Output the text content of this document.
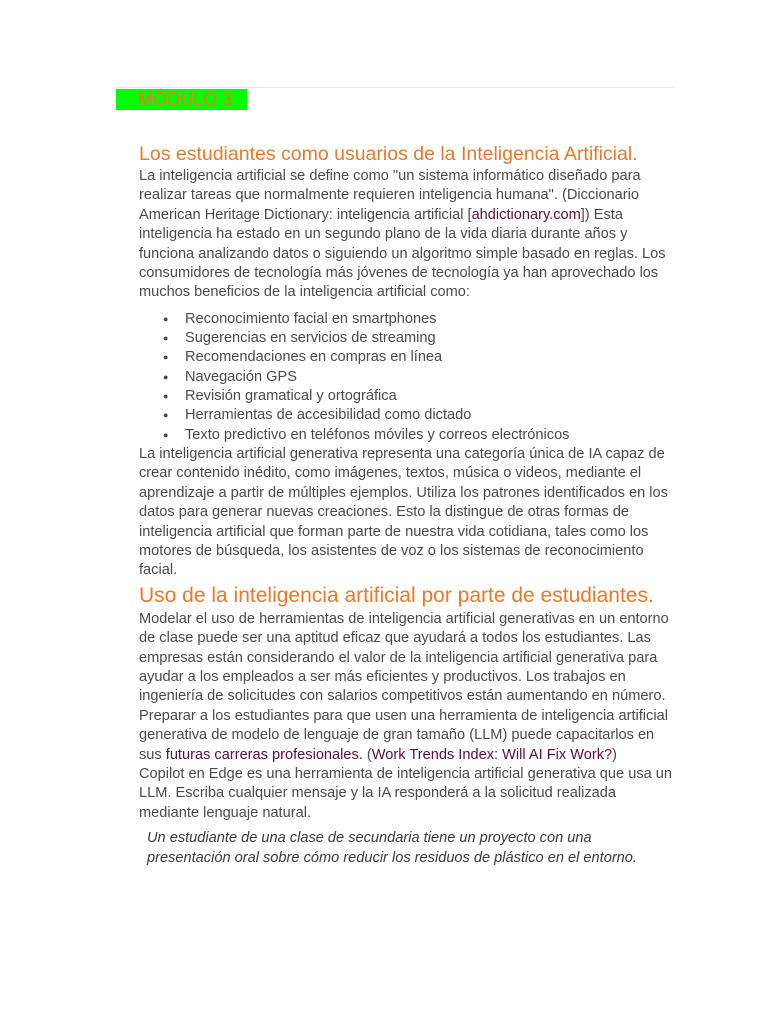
MÓDULO 3
Los estudiantes como usuarios de la Inteligencia Artificial.

La inteligencia artificial se define como "un sistema informático diseñado para realizar tareas que normalmente requieren inteligencia humana". (Diccionario American Heritage Dictionary: inteligencia artificial [ahdictionary.com]) Esta inteligencia ha estado en un segundo plano de la vida diaria durante años y funciona analizando datos o siguiendo un algoritmo simple basado en reglas. Los consumidores de tecnología más jóvenes de tecnología ya han aprovechado los muchos beneficios de la inteligencia artificial como:

● Reconocimiento facial en smartphones
● Sugerencias en servicios de streaming
● Recomendaciones en compras en línea
● Navegación GPS
● Revisión gramatical y ortográfica
● Herramientas de accesibilidad como dictado
● Texto predictivo en teléfonos móviles y correos electrónicos

La inteligencia artificial generativa representa una categoría única de IA capaz de crear contenido inédito, como imágenes, textos, música o videos, mediante el aprendizaje a partir de múltiples ejemplos. Utiliza los patrones identificados en los datos para generar nuevas creaciones. Esto la distingue de otras formas de inteligencia artificial que forman parte de nuestra vida cotidiana, tales como los motores de búsqueda, los asistentes de voz o los sistemas de reconocimiento facial.

Uso de la inteligencia artificial por parte de estudiantes.

Modelar el uso de herramientas de inteligencia artificial generativas en un entorno de clase puede ser una aptitud eficaz que ayudará a todos los estudiantes. Las empresas están considerando el valor de la inteligencia artificial generativa para ayudar a los empleados a ser más eficientes y productivos. Los trabajos en ingeniería de solicitudes con salarios competitivos están aumentando en número. Preparar a los estudiantes para que usen una herramienta de inteligencia artificial generativa de modelo de lenguaje de gran tamaño (LLM) puede capacitarlos en sus futuras carreras profesionales. (Work Trends Index: Will AI Fix Work?)

Copilot en Edge es una herramienta de inteligencia artificial generativa que usa un LLM. Escriba cualquier mensaje y la IA responderá a la solicitud realizada mediante lenguaje natural.

Un estudiante de una clase de secundaria tiene un proyecto con una presentación oral sobre cómo reducir los residuos de plástico en el entorno.
